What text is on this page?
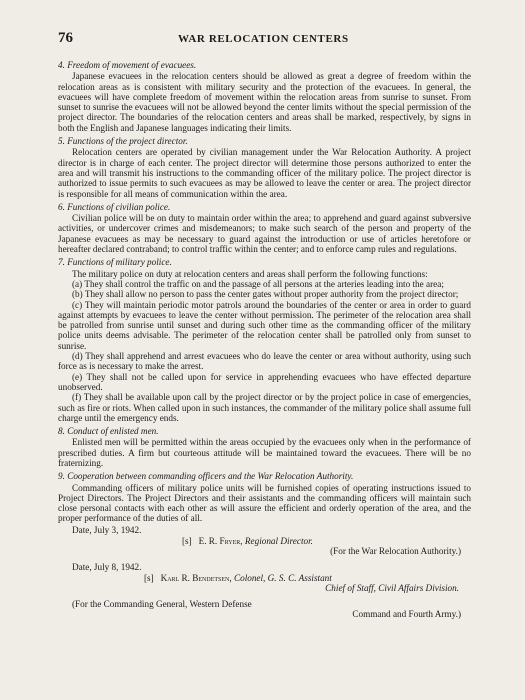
76	WAR RELOCATION CENTERS
4. Freedom of movement of evacuees.

Japanese evacuees in the relocation centers should be allowed as great a degree of freedom within the relocation areas as is consistent with military security and the protection of the evacuees. In general, the evacuees will have complete freedom of movement within the relocation areas from sunrise to sunset. From sunset to sunrise the evacuees will not be allowed beyond the center limits without the special permission of the project director. The boundaries of the relocation centers and areas shall be marked, respectively, by signs in both the English and Japanese languages indicating their limits.

5. Functions of the project director.

Relocation centers are operated by civilian management under the War Relocation Authority. A project director is in charge of each center. The project director will determine those persons authorized to enter the area and will transmit his instructions to the commanding officer of the military police. The project director is authorized to issue permits to such evacuees as may be allowed to leave the center or area. The project director is responsible for all means of communication within the area.

6. Functions of civilian police.

Civilian police will be on duty to maintain order within the area; to apprehend and guard against subversive activities, or undercover crimes and misdemeanors; to make such search of the person and property of the Japanese evacuees as may be necessary to guard against the introduction or use of articles heretofore or hereafter declared contraband; to control traffic within the center; and to enforce camp rules and regulations.

7. Functions of military police.

The military police on duty at relocation centers and areas shall perform the following functions:

(a) They shall control the traffic on and the passage of all persons at the arteries leading into the area;

(b) They shall allow no person to pass the center gates without proper authority from the project director;

(c) They will maintain periodic motor patrols around the boundaries of the center or area in order to guard against attempts by evacuees to leave the center without permission. The perimeter of the relocation area shall be patrolled from sunrise until sunset and during such other time as the commanding officer of the military police units deems advisable. The perimeter of the relocation center shall be patrolled only from sunset to sunrise.

(d) They shall apprehend and arrest evacuees who do leave the center or area without authority, using such force as is necessary to make the arrest.

(e) They shall not be called upon for service in apprehending evacuees who have effected departure unobserved.

(f) They shall be available upon call by the project director or by the project police in case of emergencies, such as fire or riots. When called upon in such instances, the commander of the military police shall assume full charge until the emergency ends.

8. Conduct of enlisted men.

Enlisted men will be permitted within the areas occupied by the evacuees only when in the performance of prescribed duties. A firm but courteous attitude will be maintained toward the evacuees. There will be no fraternizing.

9. Cooperation between commanding officers and the War Relocation Authority.

Commanding officers of military police units will be furnished copies of operating instructions issued to Project Directors. The Project Directors and their assistants and the commanding officers will maintain such close personal contacts with each other as will assure the efficient and orderly operation of the area, and the proper performance of the duties of all.

Date, July 3, 1942.
[s] E. R. Fryer, Regional Director.
(For the War Relocation Authority.)
Date, July 8, 1942.
[s] Karl R. Bendetsen, Colonel, G. S. C. Assistant
Chief of Staff, Civil Affairs Division.
(For the Commanding General, Western Defense
Command and Fourth Army.)
